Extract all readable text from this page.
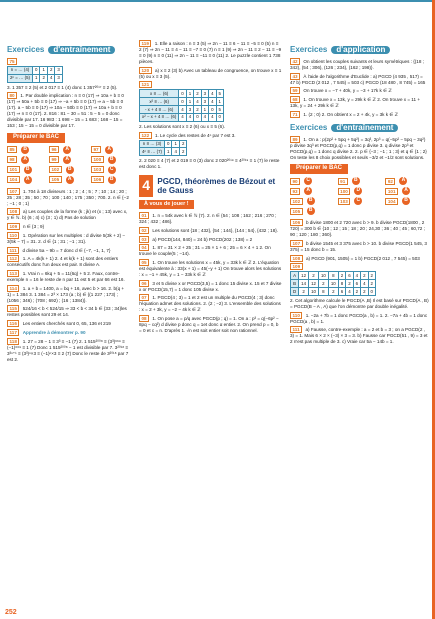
Exercices	d'entraînement
75
n = … (4)	0	1	2	3
2ⁿ = … (5)	1	2	4	3
3. 1 357 ≡ 2 (5) et 2 017 ≡ 1 (4) donc 1 357²⁰¹⁷ ≡ 2 (5).
80 1. Par double implication : n ≡ 0 (17) ⇒ 10a + b ≡ 0 (17) ⇒ 50a + 5b ≡ 0 (17) ⇒ −a + 5b ≡ 0 (17) ⇒ a − 5b ≡ 0 (17). a − 5b ≡ 0 (17) ⇒ 10a − 50b ≡ 0 (17) ⇒ 10a + b ≡ 0 (17) ⇒ n ≡ 0 (17). 2. 816 : 81 − 30 = 51 : 5 − 5 = 0 donc divisible par 17. 16 983 : 1 698 − 15 = 1 683 ; 168 − 15 = 153 ; 15 − 15 = 0 divisible par 17.
Préparer le BAC
85	B	96	A	97	A
98	A	99	A	100	B
101	B	102	B	103	C
104	A	105	A	106	B
107 1. 704 à 18 diviseurs : 1 ; 2 ; 4 ; 5 ; 7 ; 10 ; 14 ; 20 ; 25 ; 28 ; 35 ; 50 ; 70 ; 100 ; 140 ; 175 ; 350 ; 700. 2. n ∈ {−2 ; −1 ; 0 ; 1}
108 a) Les couples de la forme (k ; jk) et (x ; 13) avec x, y ∈ ℕ. b) (6 ; 4) c) (3 ; 1) d) Pas de solution
109 n ∈ {3 ; 9}
110 1. Opération sur les multiples : d divise 5(3k + 2) − 3(5k − 7) = 31. 2. d ∈ {1 ; 31 ; −1 ; 31}.
111 d divise 5a − 9b = 7 donc d ∈ {−7, −1, 1, 7}
112 1. A = 4k(k + 1) 2. 4 et k(k + 1) sont des entiers consécutifs donc l'un deux est pair. 8 divise A.
113 1. Vrai n = 6kq + 5 = 11(6q) + 5 2. Faux, contre-exemple n = 16 le reste de n par 11 est 5 et par 66 est 16.
114 1. a + b = 1400, a = bq + 16, avec b > 16. 2. b(q + 1) = 1 384 3. 1 384 = 2³ × 173 (a ; b) ∈ {(1 227 ; 173) ; (1056 ; 346) ; (708 ; 692) ; (16 ; 1384)}.
115 524/16 < b < 524/15 ⇒ 33 < b < 34 b ∈ {33 ; 34}les restes possibles sont 29 et 14.
116 Les entiers cherchés sont 0, 65, 136 et 219
117 Apprendre à démontrer p. 90
118 1. 27 = 28 − 1 ≡ 3³ ≡ −1 (7) 2. 1 515²⁰⁰⁸ ≡ (3³)⁶⁶⁹ ≡ (−1)⁶⁶⁹ ≡ 1 (7) Donc 1 515²⁰⁰⁸ − 1 est divisible par 7. 3²⁰¹⁸ ≡ 3³ⁿ⁺¹ ≡ (3³)ⁿ×3 ≡ (−1)ⁿ×3 ≡ 2 (7) Donc le reste de 3²⁰¹⁸ par 7 est 2.
119 1. Elle a raison : n ≡ 3 (5) ⇒ 2n − 11 ≡ 6 − 11 ≡ −5 ≡ 0 (5) n ≡ 2 (7) ⇒ 2n − 11 ≡ 4 − 11 ≡ −7 ≡ 0 (7) n ≡ 1 (9) ⇒ 2n − 11 ≡ 2 − 11 ≡ −9 ≡ 0 (9) n ≡ 0 (11) ⇒ 2n − 11 ≡ −11 ≡ 0 (11) 2. Le puzzle contient 1 738 pièces.
120 a) x ≡ 2 (3) b) Avec un tableau de congruence, on trouve x ≡ 1 (5) ou x ≡ 3 (5).
121
x ≡ … (6)	0	1	2	3	4	5
x² ≡ … (6)	0	1	4	3	4	1
- x + 4 ≡ … (6)	4	3	2	1	0	5
x² − x + 4 ≡ … (6)	4	4	0	4	4	0
2. Les solutions sont x ≡ 2 (6) ou x ≡ 5 (6).
122 1. Le cycle des restes de 4ⁿ par 7 est 3.
n ≡ … (3)	0	1	2
4ⁿ ≡ … (7)	1	4	2
2. 2 020 ≡ 4 (7) et 2 019 ≡ 0 (3) donc 2 020²⁰¹⁹ ≡ 4²⁰¹⁹ ≡ 1 (7) le reste est donc 1.
4 PGCD, théorèmes de Bézout et de Gauss
À vous de jouer !
01 1. n = 54k avec k ∈ ℕ (7). 2. n ∈ {54 ; 108 ; 162 ; 216 ; 270 ; 324 ; 432 ; 486}.
02 Les solutions sont {18 ; 432}, {54 ; 144}, {144 ; 54}, {432 ; 18}.
03 a) PGCD(144, 840) = 24 b) PGCD(202 ; 138) = 2
04 1. 87 = 31 × 2 + 25 ; 31 = 25 × 1 + 6 ; 25 = 6 × 4 + 1 2. On trouve le couple(5 ; −14).
05 1. On trouve les solutions x = 45k, y = 33k k ∈ ℤ 2. L'équation est équivalente à : 33(x + 1) = 45(−y + 1) On trouve alors les solutions : x = −1 + 45k, y = 1 − 33k k ∈ ℤ
06 3 et 5 divise x or PGCD(3,5) = 1 donc 15 divise x. 15 et 7 divise x or PGCD(15,7) = 1 donc 105 divise x.
07 1. PGCD(4 ; 3) = 1 et 2 est un multiple du PGCD(4 ; 3) donc l'équation admet des solutions. 2. (2 ; −2) 3. L'ensemble des solutions : x = 2 + 3k, y = −2 − 4k k ∈ ℤ
08 1. On pose a = p/q avec PGCD(p ; q) = 1. On a : p³ = q(−6p² − 8pq − cq²) d divise p donc q = 1et donc α entier. 2. On prend p = 0, b = 0 et c = n. D'après 1. √n est soit entier soit non rationnel.
Exercices	d'application
42 On obtient les couples suivants et leurs symétriques : {(18 ; 342), (54 ; 306), (126 ; 234), (162 ; 198)}.
43 À l'aide de l'algorithme d'Euclide : a) PGCD (4 935 , 517) = 47 b) PGCD (2 012 , 7 545) = 503 c) PGCD (18 480 , 8 745) = 165
59 On trouve x = −7 + 40k, y = −3 + 17k k ∈ ℤ
68 1. On trouve x = 13k, y = 29k k ∈ ℤ 2. On trouve x = 11 + 13k, y = 24 + 29k k ∈ ℤ
71 1. (2 ; 0) 2. On obtient x = 2 + 4k, y = 3k k ∈ ℤ
Exercices	d'entraînement
89 1. On a : p(2p² + 5pq + 5q²) = 3q³, 2p³ = q(−5p² − 5pq − 3q²) p divise 3q³ et PGCD(p,q) = 1 donc p divise 3. q divise 2p³ et PGCD(p,q) = 1 donc q divise 2. 2. p ∈ {−3 ; −1 ; 1 ; 3} et q ∈ {1 ; 2} On teste les 8 choix possibles et seuls −3/2 et −1/2 sont solutions.
Préparer le BAC
90	C	91	B	92	A
93	A	100	D	101	A
102	B	103	C	104	B
105	B
106 b divise 1800 et 2 720 avec b > 9. b divise PGCD(1800 , 2 720) = 300 b ∈ {10 ; 12 ; 15 ; 18 ; 20 ; 24,30 ; 36 ; 40 ; 45 ; 60,72 ; 90 ; 120 ; 180 ; 360}.
107 b divise 1545 et 3 375 avec b > 10. b divise PGCD(1 545, 3 375) = 15 donc b = 15.
108 a) PGCD (901, 1505) = 1 b) PGCD(2 012 , 7 545) = 503
109
A	12	2	10	8	2	6	4	2	2
B	14	12	2	10	8	2	6	4	2
D	2	10	8	2	6	4	2	2	0
2. Cet algorithme calcule le PGCD(A ,B) Il est basé sur PGCD(A , B) = PGCD(B − A , A) que l'on démontre par double inégalité.
110 1. −2a + 7b = 1 donc PGCD(a , b) = 1. 2. −7a + 4b = 1 donc PGCD(a , b) = 1.
111 a) Fausse, contre-exemple : a = 2 et b = 3 ; on a PGCD(2 , 3) = 1. Mais 6 × 2 × (−3) × 3 = 3. b) Fausse car PGCD(51 , 9) = 3 et 2 n'est pas multiple de 3. c) Vraie car 5a − 14b = 1.
252
